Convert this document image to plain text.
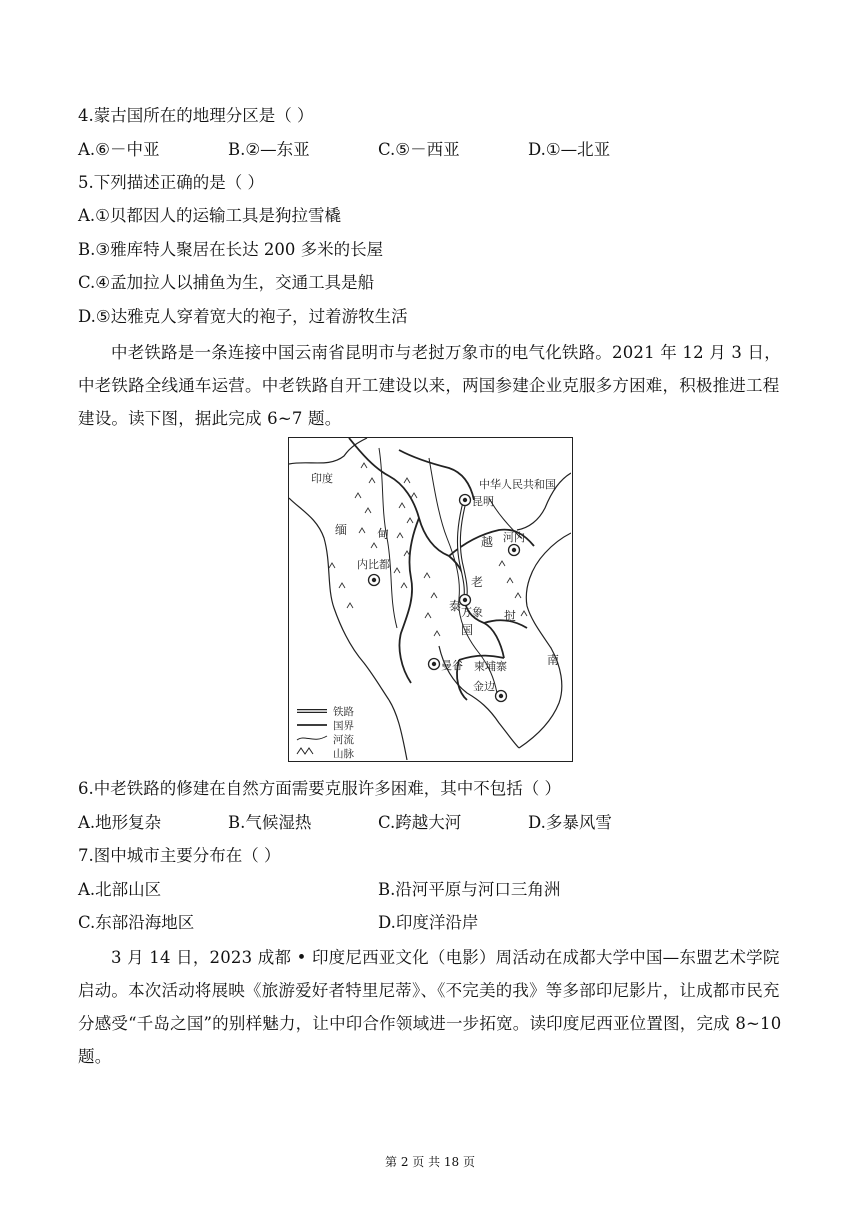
4.蒙古国所在的地理分区是（ ）
A.⑥－中亚	B.②—东亚	C.⑤－西亚	D.①—北亚
5.下列描述正确的是（ ）
A.①贝都因人的运输工具是狗拉雪橇
B.③雅库特人聚居在长达 200 多米的长屋
C.④孟加拉人以捕鱼为生，交通工具是船
D.⑤达雅克人穿着宽大的袍子，过着游牧生活
中老铁路是一条连接中国云南省昆明市与老挝万象市的电气化铁路。2021 年 12 月 3 日，中老铁路全线通车运营。中老铁路自开工建设以来，两国参建企业克服多方困难，积极推进工程建设。读下图，据此完成 6~7 题。
印度	中华人民共和国
昆明
缅 甸
内比都
越 河内
老
挝
万象
泰
国
曼谷 柬埔寨
金边
南
铁路
国界
河流
山脉
6.中老铁路的修建在自然方面需要克服许多困难，其中不包括（ ）
A.地形复杂	B.气候湿热	C.跨越大河	D.多暴风雪
7.图中城市主要分布在（ ）
A.北部山区	B.沿河平原与河口三角洲
C.东部沿海地区	D.印度洋沿岸
3 月 14 日，2023 成都 • 印度尼西亚文化（电影）周活动在成都大学中国—东盟艺术学院启动。本次活动将展映《旅游爱好者特里尼蒂》、《不完美的我》等多部印尼影片，让成都市民充分感受“千岛之国”的别样魅力，让中印合作领域进一步拓宽。读印度尼西亚位置图，完成 8~10 题。
第 2 页 共 18 页
